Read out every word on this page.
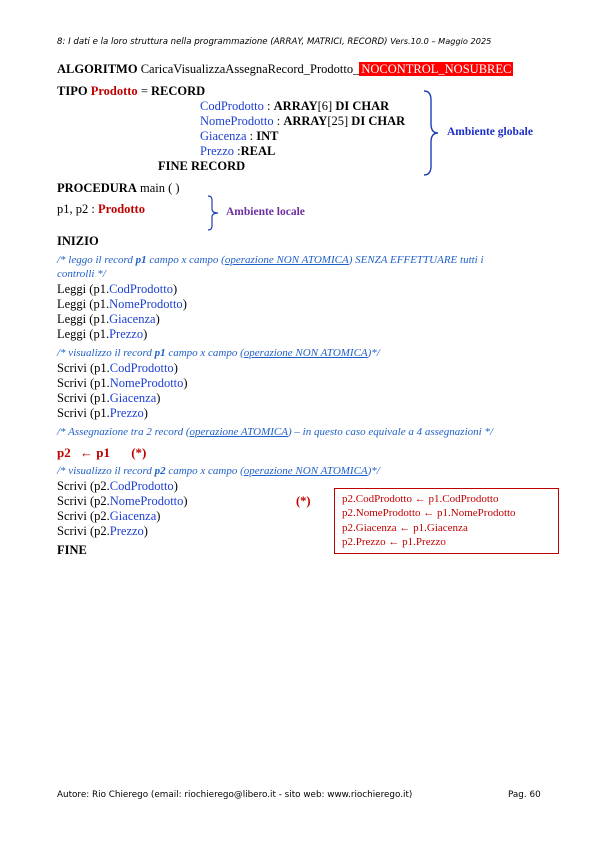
8: I dati e la loro struttura nella programmazione (ARRAY, MATRICI, RECORD) Vers.10.0 – Maggio 2025
ALGORITMO CaricaVisualizzaAssegnaRecord_Prodotto_ NOCONTROL_NOSUBREC
TIPO Prodotto = RECORD
CodProdotto : ARRAY[6] DI CHAR
NomeProdotto : ARRAY[25] DI CHAR
Giacenza : INT
Prezzo :REAL
FINE RECORD
Ambiente globale
PROCEDURA main ( )
p1, p2 : Prodotto	Ambiente locale
INIZIO
/* leggo il record p1 campo x campo (operazione NON ATOMICA) SENZA EFFETTUARE tutti i
controlli */
Leggi (p1.CodProdotto)
Leggi (p1.NomeProdotto)
Leggi (p1.Giacenza)
Leggi (p1.Prezzo)
/* visualizzo il record p1 campo x campo (operazione NON ATOMICA)*/
Scrivi (p1.CodProdotto)
Scrivi (p1.NomeProdotto)
Scrivi (p1.Giacenza)
Scrivi (p1.Prezzo)
/* Assegnazione tra 2 record (operazione ATOMICA) – in questo caso equivale a 4 assegnazioni */
p2 ← p1 (*)
/* visualizzo il record p2 campo x campo (operazione NON ATOMICA)*/
Scrivi (p2.CodProdotto)
Scrivi (p2.NomeProdotto)
Scrivi (p2.Giacenza)
Scrivi (p2.Prezzo)
FINE
(*)	p2.CodProdotto ← p1.CodProdotto
p2.NomeProdotto ← p1.NomeProdotto
p2.Giacenza ← p1.Giacenza
p2.Prezzo ← p1.Prezzo
Autore: Rio Chierego (email: riochierego@libero.it - sito web: www.riochierego.it)	Pag. 60
